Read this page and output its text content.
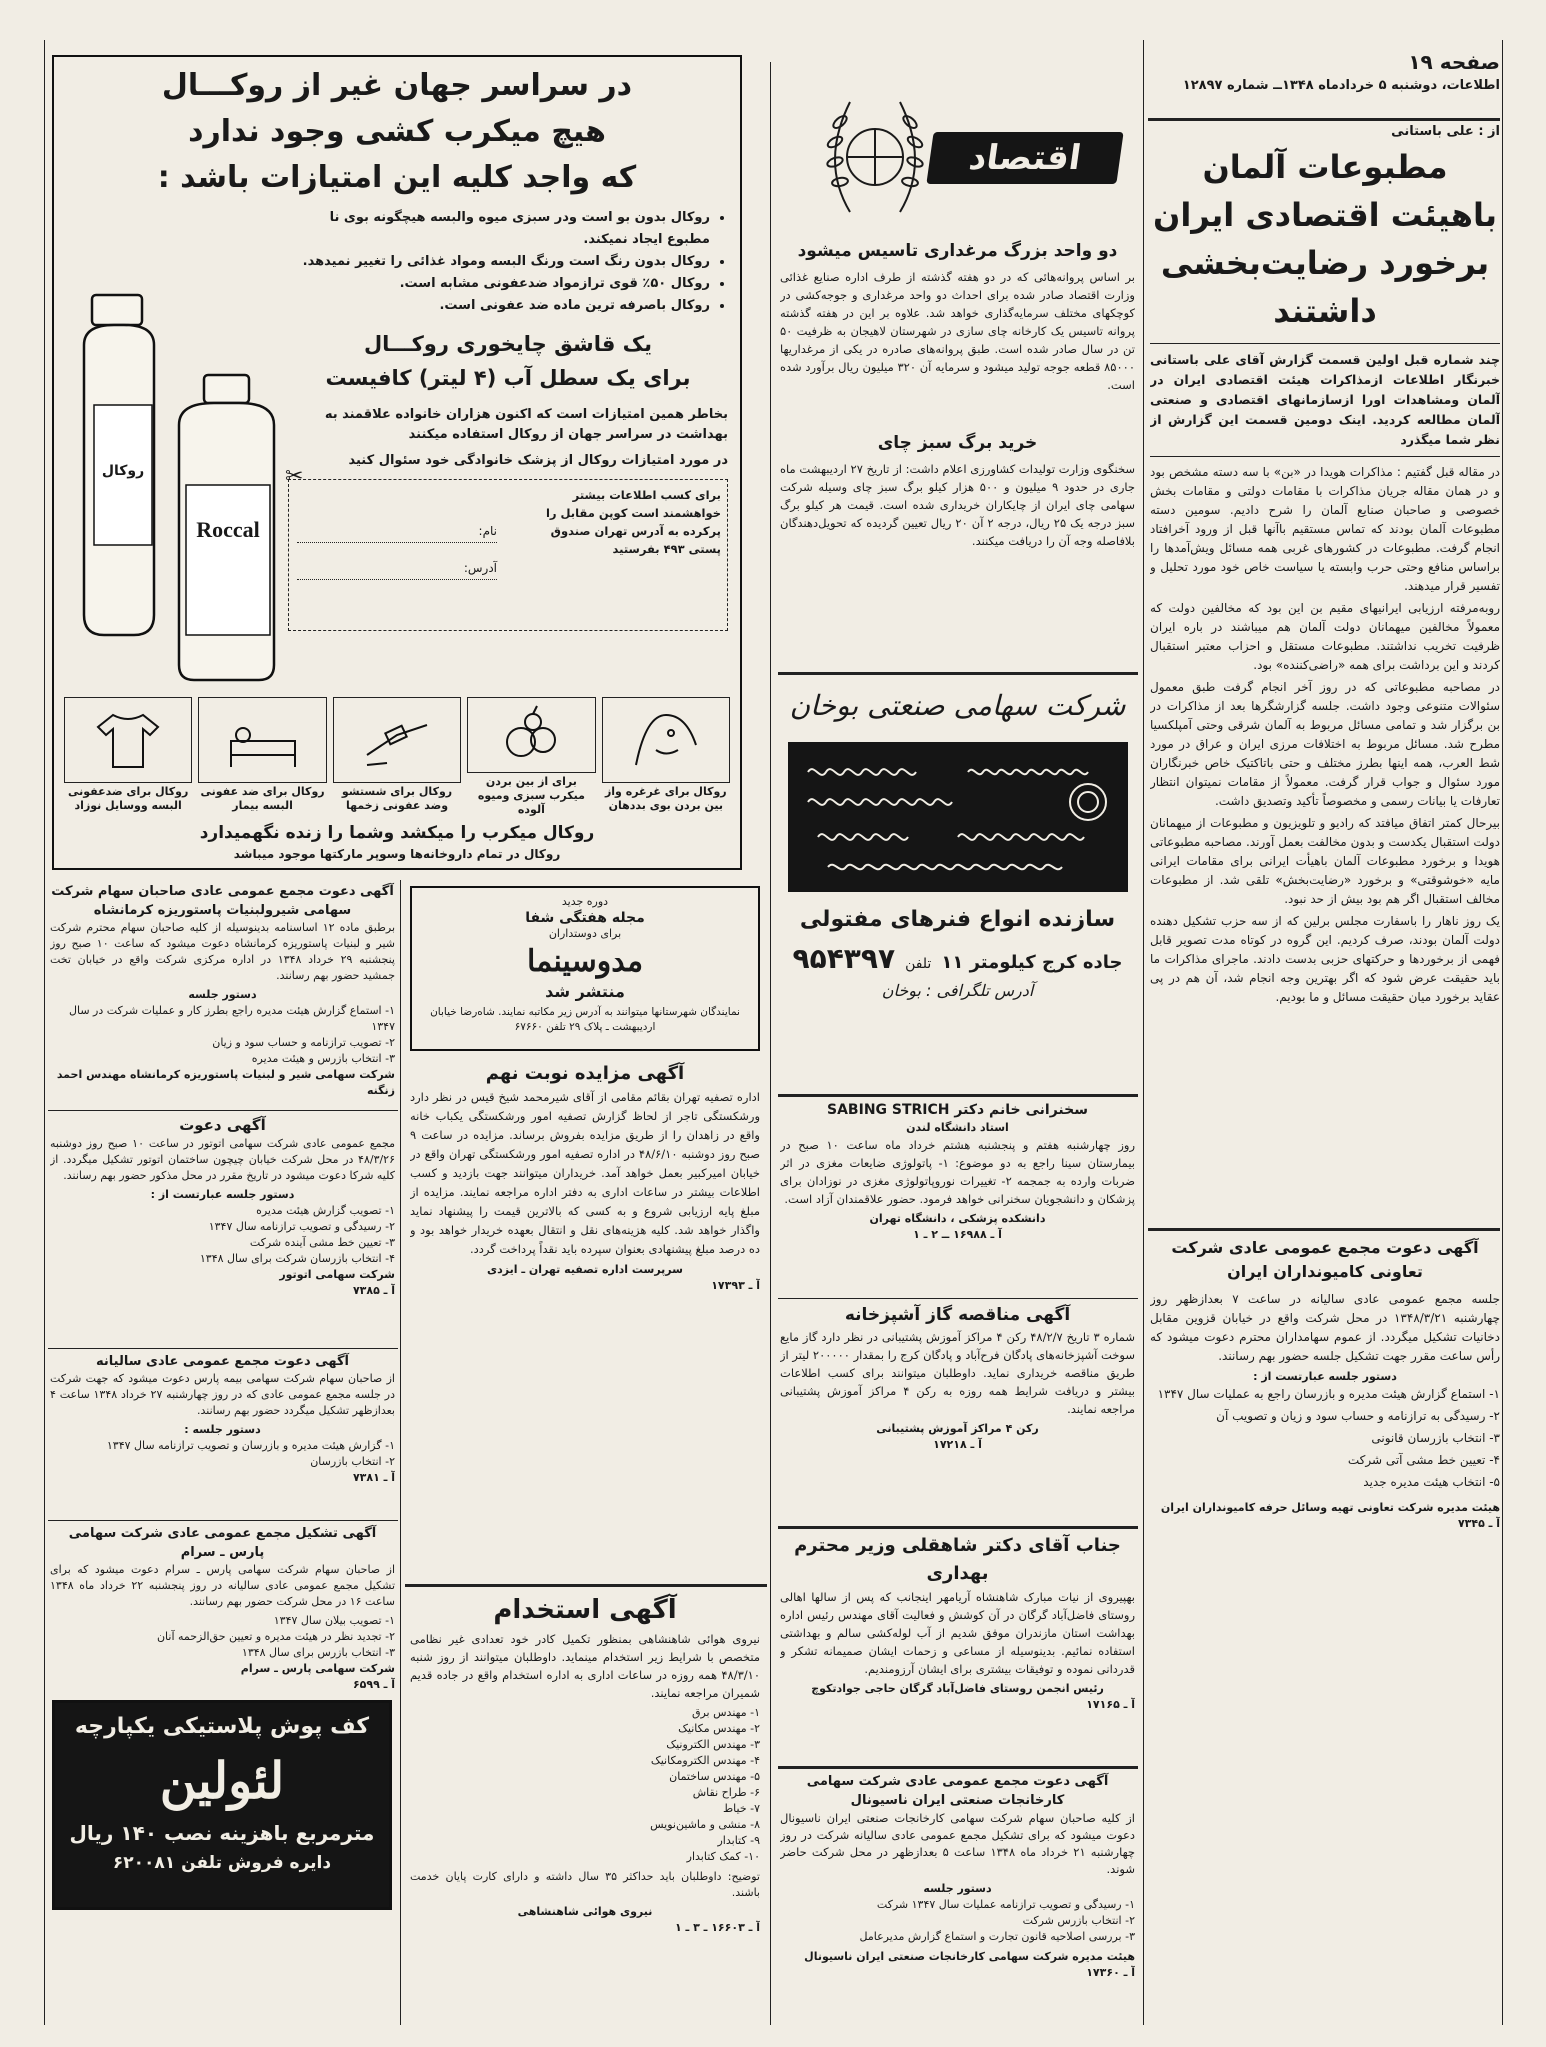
صفحه ۱۹
اطلاعات، دوشنبه ۵ خردادماه ۱۳۴۸ــ شماره ۱۲۸۹۷
از : علی باستانی
مطبوعات آلمان باهیئت اقتصادی ایران برخورد رضایت‌بخشی داشتند

چند شماره قبل اولین قسمت گزارش آقای علی باستانی خبرنگار اطلاعات ازمذاکرات هیئت اقتصادی ایران در آلمان ومشاهدات اورا ازسازمانهای اقتصادی و صنعتی آلمان مطالعه کردید. اینک دومین قسمت این گزارش از نظر شما میگذرد

در مقاله قبل گفتیم : مذاکرات هویدا در «بن» با سه دسته مشخص بود و در همان مقاله جریان مذاکرات با مقامات دولتی و مقامات بخش خصوصی و صاحبان صنایع آلمان را شرح دادیم. سومین دسته مطبوعات آلمان بودند که تماس مستقیم باآنها قبل از ورود آخرافتاد انجام گرفت. مطبوعات در کشورهای غربی همه مسائل ویش‌آمدها را براساس منافع وحتی حرب وابسته یا سیاست خاص خود مورد تحلیل و تفسیر قرار میدهند.

روبه‌مرفته ارزیابی ایرانیهای مقیم بن این بود که مخالفین دولت که معمولاً مخالفین میهمانان دولت آلمان هم میباشند در باره ایران ظرفیت تخریب نداشتند. مطبوعات مستقل و احزاب معتبر استقبال کردند و این برداشت برای همه «راضی‌کننده» بود.

در مصاحبه مطبوعاتی که در روز آخر انجام گرفت طبق معمول سئوالات متنوعی وجود داشت. جلسه گزارشگرها بعد از مذاکرات در بن برگزار شد و تمامی مسائل مربوط به آلمان شرقی وحتی آمپلکسیا مطرح شد. مسائل مربوط به اختلافات مرزی ایران و عراق در مورد شط العرب، همه اینها بطرز مختلف و حتی باتاکتیک خاص خبرنگاران مورد سئوال و جواب قرار گرفت. معمولاً از مقامات نمیتوان انتظار تعارفات یا بیانات رسمی و مخصوصاً تأکید وتصدیق داشت.

بیرحال کمتر اتفاق میافتد که رادیو و تلویزیون و مطبوعات از میهمانان دولت استقبال یکدست و بدون مخالفت بعمل آورند. مصاحبه مطبوعاتی هویدا و برخورد مطبوعات آلمان باهیأت ایرانی برای مقامات ایرانی مایه «خوشوقتی» و برخورد «رضایت‌بخش» تلقی شد. از مطبوعات مخالف استقبال اگر هم بود بیش از حد نبود.

یک روز ناهار را باسفارت مجلس برلین که از سه حزب تشکیل دهنده دولت آلمان بودند، صرف کردیم. این گروه در کوتاه مدت تصویر قابل فهمی از برخوردها و حرکتهای حزبی بدست دادند. ماجرای مذاکرات ما باید حقیقت عرض شود که اگر بهترین وجه انجام شد، آن هم در پی عقاید برخورد میان حقیقت مسائل و ما بودیم.

آگهی دعوت مجمع عمومی عادی شرکت تعاونی کامیونداران ایران

جلسه مجمع عمومی عادی سالیانه در ساعت ۷ بعدازظهر روز چهارشنبه ۱۳۴۸/۳/۲۱ در محل شرکت واقع در خیابان قزوین مقابل دخانیات تشکیل میگردد. از عموم سهامداران محترم دعوت میشود که رأس ساعت مقرر جهت تشکیل جلسه حضور بهم رسانند.

دستور جلسه عبارتست از :

۱- استماع گزارش هیئت مدیره و بازرسان راجع به عملیات سال ۱۳۴۷

۲- رسیدگی به ترازنامه و حساب سود و زیان و تصویب آن

۳- انتخاب بازرسان قانونی

۴- تعیین خط مشی آتی شرکت

۵- انتخاب هیئت مدیره جدید

هیئت مدیره شرکت تعاونی تهیه وسائل حرفه کامیونداران ایران
آ ـ ۷۳۴۵
اقتصاد
دو واحد بزرگ مرغداری تاسیس میشود

بر اساس پروانه‌هائی که در دو هفته گذشته از طرف اداره صنایع غذائی وزارت اقتصاد صادر شده برای احداث دو واحد مرغداری و جوجه‌کشی در کوچکهای مختلف سرمایه‌گذاری خواهد شد. علاوه بر این در هفته گذشته پروانه تاسیس یک کارخانه چای سازی در شهرستان لاهیجان به ظرفیت ۵۰ تن در سال صادر شده است. طبق پروانه‌های صادره در یکی از مرغداریها ۸۵۰۰۰ قطعه جوجه تولید میشود و سرمایه آن ۳۲۰ میلیون ریال برآورد شده است.

خرید برگ سبز چای

سخنگوی وزارت تولیدات کشاورزی اعلام داشت: از تاریخ ۲۷ اردیبهشت ماه جاری در حدود ۹ میلیون و ۵۰۰ هزار کیلو برگ سبز چای وسیله شرکت سهامی چای ایران از چایکاران خریداری شده است. قیمت هر کیلو برگ سبز درجه یک ۲۵ ریال، درجه ۲ آن ۲۰ ریال تعیین گردیده که تحویل‌دهندگان بلافاصله وجه آن را دریافت میکنند.

شرکت سهامی صنعتی بوخان
سازنده انواع فنرهای مفتولی
جاده کرج کیلومتر ۱۱
تلفن
۹۵۴۳۹۷
آدرس تلگرافی : بوخان
سخنرانی خانم دکتر SABING STRICH
استاد دانشگاه لندن

روز چهارشنبه هفتم و پنجشنبه هشتم خرداد ماه ساعت ۱۰ صبح در بیمارستان سینا راجع به دو موضوع: ۱- پاتولوژی ضایعات مغزی در اثر ضربات وارده به جمجمه ۲- تغییرات نوروپاتولوژی مغزی در نوزادان برای پزشکان و دانشجویان سخنرانی خواهد فرمود. حضور علاقمندان آزاد است.

دانشکده پزشکی ، دانشگاه تهران
آ ـ ۱۶۹۸۸ ــ ۲ ـ ۱
آگهی مناقصه گاز آشپزخانه

شماره ۳ تاریخ ۴۸/۲/۷ رکن ۴ مراکز آموزش پشتیبانی در نظر دارد گاز مایع سوخت آشپزخانه‌های پادگان فرح‌آباد و پادگان کرج را بمقدار ۲۰۰۰۰۰ لیتر از طریق مناقصه خریداری نماید. داوطلبان میتوانند برای کسب اطلاعات بیشتر و دریافت شرایط همه روزه به رکن ۴ مراکز آموزش پشتیبانی مراجعه نمایند.

رکن ۴ مراکز آموزش پشتیبانی
آ ـ ۱۷۲۱۸
جناب آقای دکتر شاهقلی وزیر محترم بهداری

بهپیروی از نیات مبارک شاهنشاه آریامهر اینجانب که پس از سالها اهالی روستای فاضل‌آباد گرگان در آن کوشش و فعالیت آقای مهندس رئیس اداره بهداشت استان مازندران موفق شدیم از آب لوله‌کشی سالم و بهداشتی استفاده نمائیم. بدینوسیله از مساعی و زحمات ایشان صمیمانه تشکر و قدردانی نموده و توفیقات بیشتری برای ایشان آرزومندیم.

رئیس انجمن روستای فاضل‌آباد گرگان حاجی جوادتکوچ
آ ـ ۱۷۱۶۵
آگهی دعوت مجمع عمومی عادی شرکت سهامی کارخانجات صنعتی ایران ناسیونال

از کلیه صاحبان سهام شرکت سهامی کارخانجات صنعتی ایران ناسیونال دعوت میشود که برای تشکیل مجمع عمومی عادی سالیانه شرکت در روز چهارشنبه ۲۱ خرداد ماه ۱۳۴۸ ساعت ۵ بعدازظهر در محل شرکت حاضر شوند.

دستور جلسه
۱- رسیدگی و تصویب ترازنامه عملیات سال ۱۳۴۷ شرکت
۲- انتخاب بازرس شرکت
۳- بررسی اصلاحیه قانون تجارت و استماع گزارش مدیرعامل
هیئت مدیره شرکت سهامی کارخانجات صنعتی ایران ناسیونال
آ ـ ۱۷۳۶۰
در سراسر جهان غیر از روکـــال
هیچ میکرب کشی وجود ندارد
که واجد کلیه این امتیازات باشد :
• روکال بدون بو است ودر سبزی میوه والبسه هیچگونه بوی نا مطبوع ایجاد نمیکند.
• روکال بدون رنگ است ورنگ البسه ومواد غذائی را تغییر نمیدهد.
• روکال ۵۰٪ قوی ترازمواد ضدعفونی مشابه است.
• روکال باصرفه ترین ماده ضد عفونی است.
یک قاشق چایخوری روکـــال
برای یک سطل آب (۴ لیتر) کافیست
بخاطر همین امتیازات است که اکنون هزاران خانواده علاقمند به بهداشت در سراسر جهان از روکال استفاده میکنند
در مورد امتیازات روکال از پزشک خانوادگی خود سئوال کنید
برای کسب اطلاعات بیشتر خواهشمند است کوپن مقابل را پرکرده به آدرس تهران صندوق پستی ۴۹۳ بفرستید
نام:
آدرس:
✂
روکال
Roccal
روکال برای غرغره واز بین بردن بوی بددهان
برای از بین بردن میکرب سبزی ومیوه آلوده
روکال برای شستشو وضد عفونی زخمها
روکال برای ضد عفونی البسه بیمار
روکال برای ضدعفونی البسه ووسایل نوزاد
روکال میکرب را میکشد وشما را زنده نگهمیدارد
روکال در تمام داروخانه‌ها وسوپر مارکتها موجود میباشد
دوره جدید
مجله هفتگی شفا
برای دوستداران
مدوسینما
منتشر شد
نمایندگان شهرستانها میتوانند به آدرس زیر مکاتبه نمایند. شاه‌رضا خیابان اردیبهشت ـ پلاک ۲۹ تلفن ۶۷۶۶۰
آگهی مزایده نوبت نهم

اداره تصفیه تهران بقائم مقامی از آقای شیرمحمد شیخ قیس در نظر دارد ورشکستگی تاجر از لحاظ گزارش تصفیه امور ورشکستگی یکباب خانه واقع در زاهدان را از طریق مزایده بفروش برساند. مزایده در ساعت ۹ صبح روز دوشنبه ۴۸/۶/۱۰ در اداره تصفیه امور ورشکستگی تهران واقع در خیابان امیرکبیر بعمل خواهد آمد. خریداران میتوانند جهت بازدید و کسب اطلاعات بیشتر در ساعات اداری به دفتر اداره مراجعه نمایند. مزایده از مبلغ پایه ارزیابی شروع و به کسی که بالاترین قیمت را پیشنهاد نماید واگذار خواهد شد. کلیه هزینه‌های نقل و انتقال بعهده خریدار خواهد بود و ده درصد مبلغ پیشنهادی بعنوان سپرده باید نقداً پرداخت گردد.

سرپرست اداره تصفیه تهران ـ ایزدی
آ ـ ۱۷۳۹۳
آگهی استخدام

نیروی هوائی شاهنشاهی بمنظور تکمیل کادر خود تعدادی غیر نظامی متخصص با شرایط زیر استخدام مینماید. داوطلبان میتوانند از روز شنبه ۴۸/۳/۱۰ همه روزه در ساعات اداری به اداره استخدام واقع در جاده قدیم شمیران مراجعه نمایند.

۱- مهندس برق
۲- مهندس مکانیک
۳- مهندس الکترونیک
۴- مهندس الکترومکانیک
۵- مهندس ساختمان
۶- طراح نقاش
۷- خیاط
۸- منشی و ماشین‌نویس
۹- کتابدار
۱۰- کمک کتابدار

توضیح: داوطلبان باید حداکثر ۳۵ سال داشته و دارای کارت پایان خدمت باشند.

نیروی هوائی شاهنشاهی
آ ـ ۱۶۶۰۳ ـ ۳ ـ ۱
آگهی دعوت مجمع عمومی عادی صاحبان سهام شرکت سهامی شیرولبنیات پاستوریزه کرمانشاه

برطبق ماده ۱۲ اساسنامه بدینوسیله از کلیه صاحبان سهام محترم شرکت شیر و لبنیات پاستوریزه کرمانشاه دعوت میشود که ساعت ۱۰ صبح روز پنجشنبه ۲۹ خرداد ۱۳۴۸ در اداره مرکزی شرکت واقع در خیابان تخت جمشید حضور بهم رسانند.

دستور جلسه
۱- استماع گزارش هیئت مدیره راجع بطرز کار و عملیات شرکت در سال ۱۳۴۷
۲- تصویب ترازنامه و حساب سود و زیان
۳- انتخاب بازرس و هیئت مدیره
شرکت سهامی شیر و لبنیات پاستوریزه کرمانشاه مهندس احمد زنگنه
آگهی دعوت

مجمع عمومی عادی شرکت سهامی اتوتور در ساعت ۱۰ صبح روز دوشنبه ۴۸/۳/۲۶ در محل شرکت خیابان چیچون ساختمان اتوتور تشکیل میگردد. از کلیه شرکا دعوت میشود در تاریخ مقرر در محل مذکور حضور بهم رسانند.

دستور جلسه عبارتست از :
۱- تصویب گزارش هیئت مدیره
۲- رسیدگی و تصویب ترازنامه سال ۱۳۴۷
۳- تعیین خط مشی آینده شرکت
۴- انتخاب بازرسان شرکت برای سال ۱۳۴۸
شرکت سهامی اتوتور
آ ـ ۷۳۸۵
آگهی دعوت مجمع عمومی عادی سالیانه

از صاحبان سهام شرکت سهامی بیمه پارس دعوت میشود که جهت شرکت در جلسه مجمع عمومی عادی که در روز چهارشنبه ۲۷ خرداد ۱۳۴۸ ساعت ۴ بعدازظهر تشکیل میگردد حضور بهم رسانند.

دستور جلسه :
۱- گزارش هیئت مدیره و بازرسان و تصویب ترازنامه سال ۱۳۴۷
۲- انتخاب بازرسان
آ ـ ۷۳۸۱
آگهی تشکیل مجمع عمومی عادی شرکت سهامی پارس ـ سرام

از صاحبان سهام شرکت سهامی پارس ـ سرام دعوت میشود که برای تشکیل مجمع عمومی عادی سالیانه در روز پنجشنبه ۲۲ خرداد ماه ۱۳۴۸ ساعت ۱۶ در محل شرکت حضور بهم رسانند.

۱- تصویب بیلان سال ۱۳۴۷
۲- تجدید نظر در هیئت مدیره و تعیین حق‌الزحمه آنان
۳- انتخاب بازرس برای سال ۱۳۴۸
شرکت سهامی پارس ـ سرام
آ ـ ۶۵۹۹
کف پوش پلاستیکی یکپارچه
لئولین
مترمربع باهزینه نصب ۱۴۰ ریال
دایره فروش تلفن ۶۲۰۰۸۱
